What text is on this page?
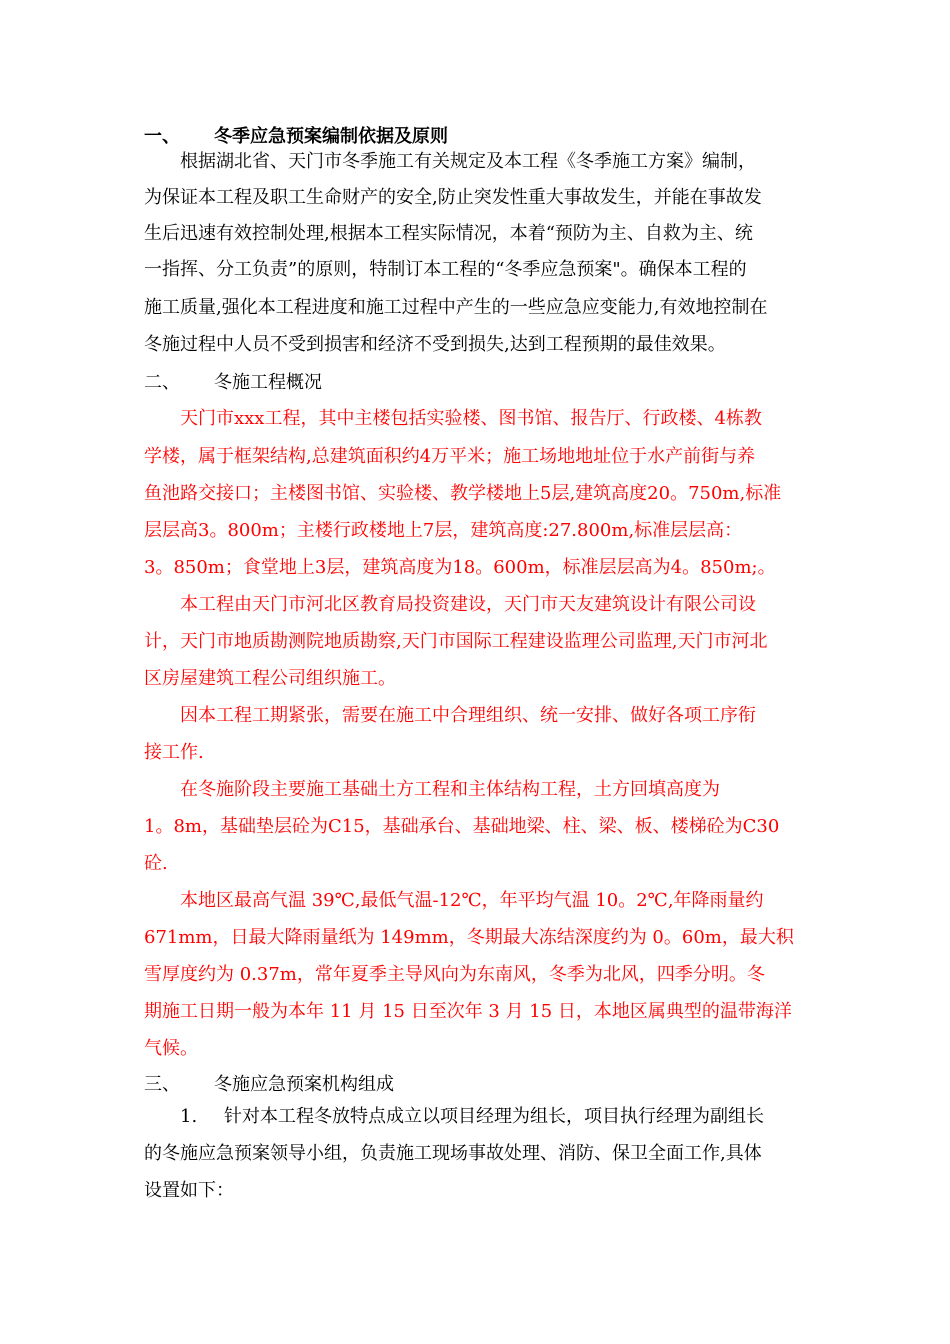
一、 冬季应急预案编制依据及原则
根据湖北省、天门市冬季施工有关规定及本工程《冬季施工方案》编制，
为保证本工程及职工生命财产的安全,防止突发性重大事故发生，并能在事故发
生后迅速有效控制处理,根据本工程实际情况，本着“预防为主、自救为主、统
一指挥、分工负责”的原则，特制订本工程的“冬季应急预案"。确保本工程的
施工质量,强化本工程进度和施工过程中产生的一些应急应变能力,有效地控制在
冬施过程中人员不受到损害和经济不受到损失,达到工程预期的最佳效果。
二、 冬施工程概况
天门市xxx工程，其中主楼包括实验楼、图书馆、报告厅、行政楼、4栋教
学楼，属于框架结构,总建筑面积约4万平米；施工场地地址位于水产前街与养
鱼池路交接口；主楼图书馆、实验楼、教学楼地上5层,建筑高度20。750m,标准
层层高3。800m；主楼行政楼地上7层，建筑高度:27.800m,标准层层高：
3。850m；食堂地上3层，建筑高度为18。600m，标准层层高为4。850m;。
本工程由天门市河北区教育局投资建设，天门市天友建筑设计有限公司设
计，天门市地质勘测院地质勘察,天门市国际工程建设监理公司监理,天门市河北
区房屋建筑工程公司组织施工。
因本工程工期紧张，需要在施工中合理组织、统一安排、做好各项工序衔
接工作.
在冬施阶段主要施工基础土方工程和主体结构工程，土方回填高度为
1。8m，基础垫层砼为C15，基础承台、基础地梁、柱、梁、板、楼梯砼为C30
砼.
本地区最高气温 39℃,最低气温-12℃，年平均气温 10。2℃,年降雨量约
671mm，日最大降雨量纸为 149mm，冬期最大冻结深度约为 0。60m，最大积
雪厚度约为 0.37m，常年夏季主导风向为东南风，冬季为北风，四季分明。冬
期施工日期一般为本年 11 月 15 日至次年 3 月 15 日，本地区属典型的温带海洋
气候。
三、 冬施应急预案机构组成
1. 针对本工程冬放特点成立以项目经理为组长，项目执行经理为副组长
的冬施应急预案领导小组，负责施工现场事故处理、消防、保卫全面工作,具体
设置如下：
